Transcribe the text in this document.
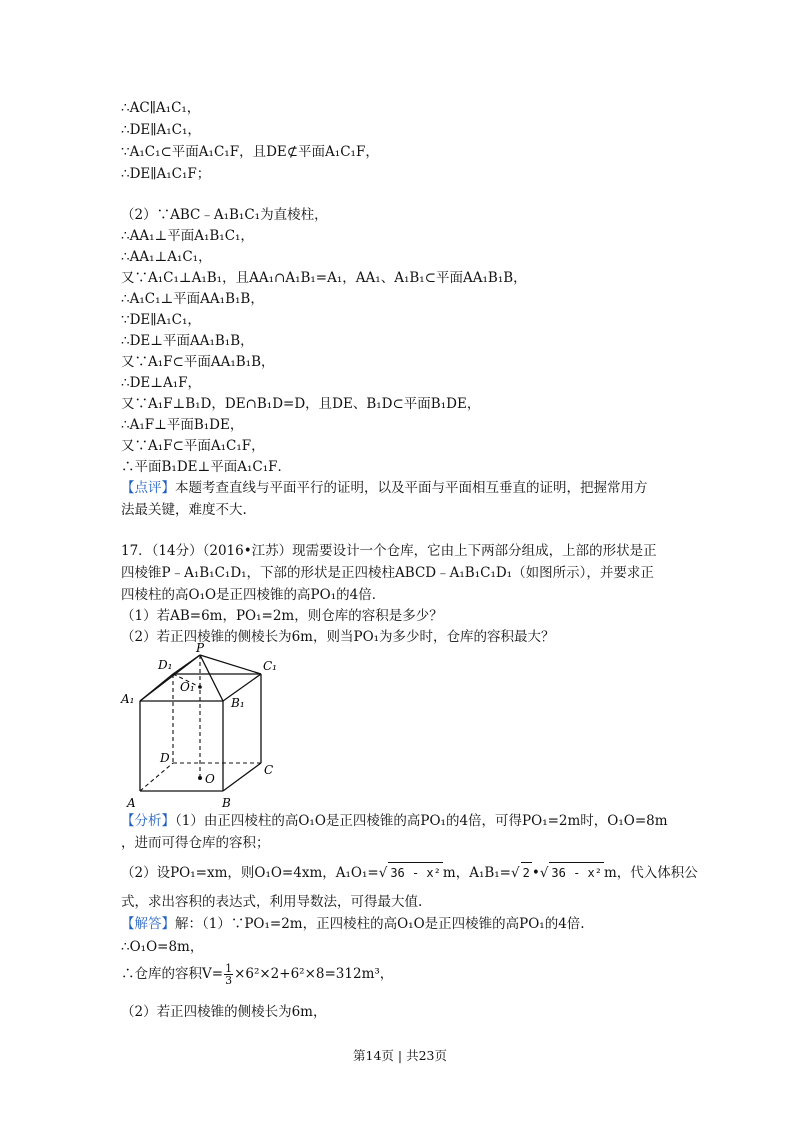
∴AC∥A₁C₁，
∴DE∥A₁C₁，
∵A₁C₁⊂平面A₁C₁F，且DE⊄平面A₁C₁F，
∴DE∥A₁C₁F；
（2）∵ABC﹣A₁B₁C₁为直棱柱，
∴AA₁⊥平面A₁B₁C₁，
∴AA₁⊥A₁C₁，
又∵A₁C₁⊥A₁B₁，且AA₁∩A₁B₁=A₁，AA₁、A₁B₁⊂平面AA₁B₁B，
∴A₁C₁⊥平面AA₁B₁B，
∵DE∥A₁C₁，
∴DE⊥平面AA₁B₁B，
又∵A₁F⊂平面AA₁B₁B，
∴DE⊥A₁F，
又∵A₁F⊥B₁D，DE∩B₁D=D，且DE、B₁D⊂平面B₁DE，
∴A₁F⊥平面B₁DE，
又∵A₁F⊂平面A₁C₁F，
∴平面B₁DE⊥平面A₁C₁F．
【点评】本题考查直线与平面平行的证明，以及平面与平面相互垂直的证明，把握常用方
法最关键，难度不大.
17．（14分）（2016•江苏）现需要设计一个仓库，它由上下两部分组成，上部的形状是正
四棱锥P﹣A₁B₁C₁D₁，下部的形状是正四棱柱ABCD﹣A₁B₁C₁D₁（如图所示），并要求正
四棱柱的高O₁O是正四棱锥的高PO₁的4倍．
（1）若AB=6m，PO₁=2m，则仓库的容积是多少？
（2）若正四棱锥的侧棱长为6m，则当PO₁为多少时，仓库的容积最大？
P
D₁	C₁
A₁	B₁
O₁
D
C
O
A	B
【分析】（1）由正四棱柱的高O₁O是正四棱锥的高PO₁的4倍，可得PO₁=2m时，O₁O=8m
，进而可得仓库的容积；
（2）设PO₁=xm，则O₁O=4xm，A₁O₁=√ 36 - x² m，A₁B₁=√ 2 •√ 36 - x² m，代入体积公
式，求出容积的表达式，利用导数法，可得最大值.
【解答】解：（1）∵PO₁=2m，正四棱柱的高O₁O是正四棱锥的高PO₁的4倍.
∴O₁O=8m，
∴仓库的容积$V= \frac{1}{3} \times 6^2\times 2+6^2\times 8=312m^3$，
（2）若正四棱锥的侧棱长为6m，
第14页 | 共23页
